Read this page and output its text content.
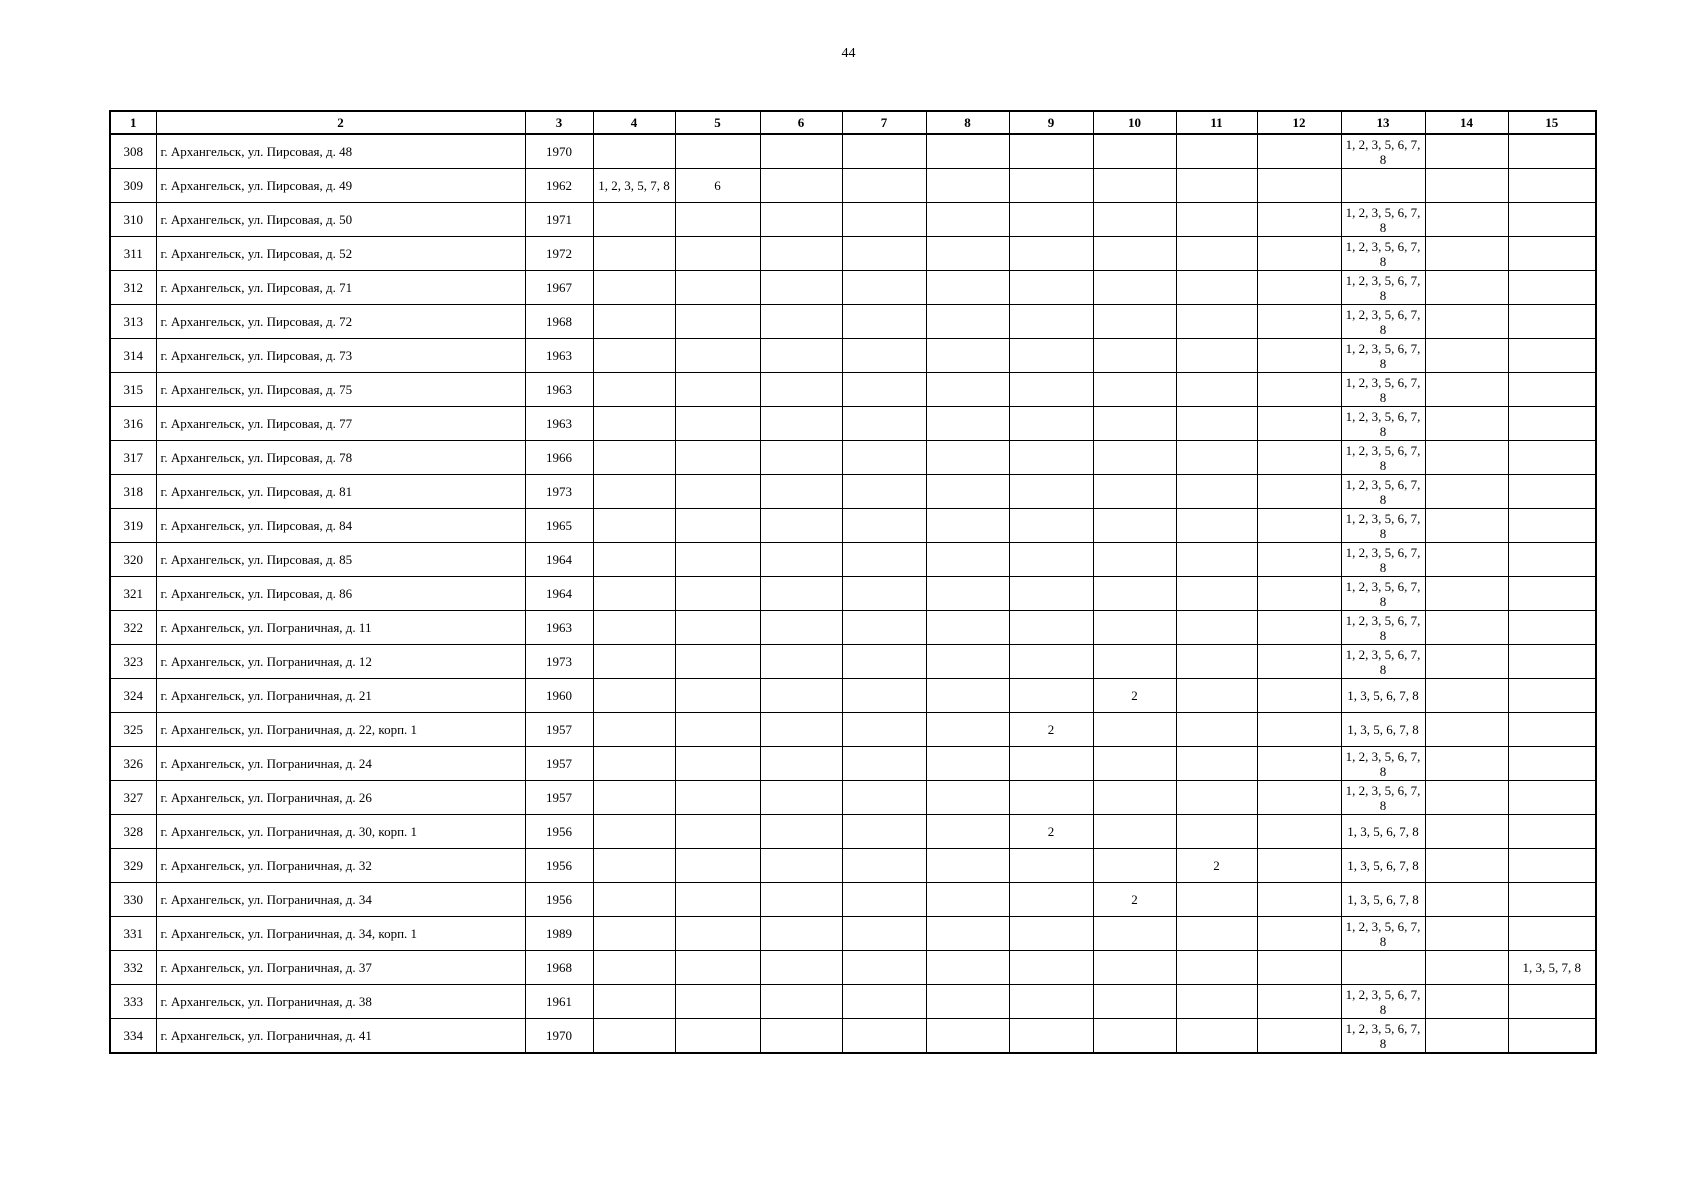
44
1	2	3	4	5	6	7	8	9	10	11	12	13	14	15
308	г. Архангельск, ул. Пирсовая, д. 48	1970										1, 2, 3, 5, 6, 7, 8		
309	г. Архангельск, ул. Пирсовая, д. 49	1962	1, 2, 3, 5, 7, 8	6										
310	г. Архангельск, ул. Пирсовая, д. 50	1971										1, 2, 3, 5, 6, 7, 8		
311	г. Архангельск, ул. Пирсовая, д. 52	1972										1, 2, 3, 5, 6, 7, 8		
312	г. Архангельск, ул. Пирсовая, д. 71	1967										1, 2, 3, 5, 6, 7, 8		
313	г. Архангельск, ул. Пирсовая, д. 72	1968										1, 2, 3, 5, 6, 7, 8		
314	г. Архангельск, ул. Пирсовая, д. 73	1963										1, 2, 3, 5, 6, 7, 8		
315	г. Архангельск, ул. Пирсовая, д. 75	1963										1, 2, 3, 5, 6, 7, 8		
316	г. Архангельск, ул. Пирсовая, д. 77	1963										1, 2, 3, 5, 6, 7, 8		
317	г. Архангельск, ул. Пирсовая, д. 78	1966										1, 2, 3, 5, 6, 7, 8		
318	г. Архангельск, ул. Пирсовая, д. 81	1973										1, 2, 3, 5, 6, 7, 8		
319	г. Архангельск, ул. Пирсовая, д. 84	1965										1, 2, 3, 5, 6, 7, 8		
320	г. Архангельск, ул. Пирсовая, д. 85	1964										1, 2, 3, 5, 6, 7, 8		
321	г. Архангельск, ул. Пирсовая, д. 86	1964										1, 2, 3, 5, 6, 7, 8		
322	г. Архангельск, ул. Пограничная, д. 11	1963										1, 2, 3, 5, 6, 7, 8		
323	г. Архангельск, ул. Пограничная, д. 12	1973										1, 2, 3, 5, 6, 7, 8		
324	г. Архангельск, ул. Пограничная, д. 21	1960							2			1, 3, 5, 6, 7, 8		
325	г. Архангельск, ул. Пограничная, д. 22, корп. 1	1957						2				1, 3, 5, 6, 7, 8		
326	г. Архангельск, ул. Пограничная, д. 24	1957										1, 2, 3, 5, 6, 7, 8		
327	г. Архангельск, ул. Пограничная, д. 26	1957										1, 2, 3, 5, 6, 7, 8		
328	г. Архангельск, ул. Пограничная, д. 30, корп. 1	1956						2				1, 3, 5, 6, 7, 8		
329	г. Архангельск, ул. Пограничная, д. 32	1956								2		1, 3, 5, 6, 7, 8		
330	г. Архангельск, ул. Пограничная, д. 34	1956							2			1, 3, 5, 6, 7, 8		
331	г. Архангельск, ул. Пограничная, д. 34, корп. 1	1989										1, 2, 3, 5, 6, 7, 8		
332	г. Архангельск, ул. Пограничная, д. 37	1968												1, 3, 5, 7, 8
333	г. Архангельск, ул. Пограничная, д. 38	1961										1, 2, 3, 5, 6, 7, 8		
334	г. Архангельск, ул. Пограничная, д. 41	1970										1, 2, 3, 5, 6, 7, 8		
